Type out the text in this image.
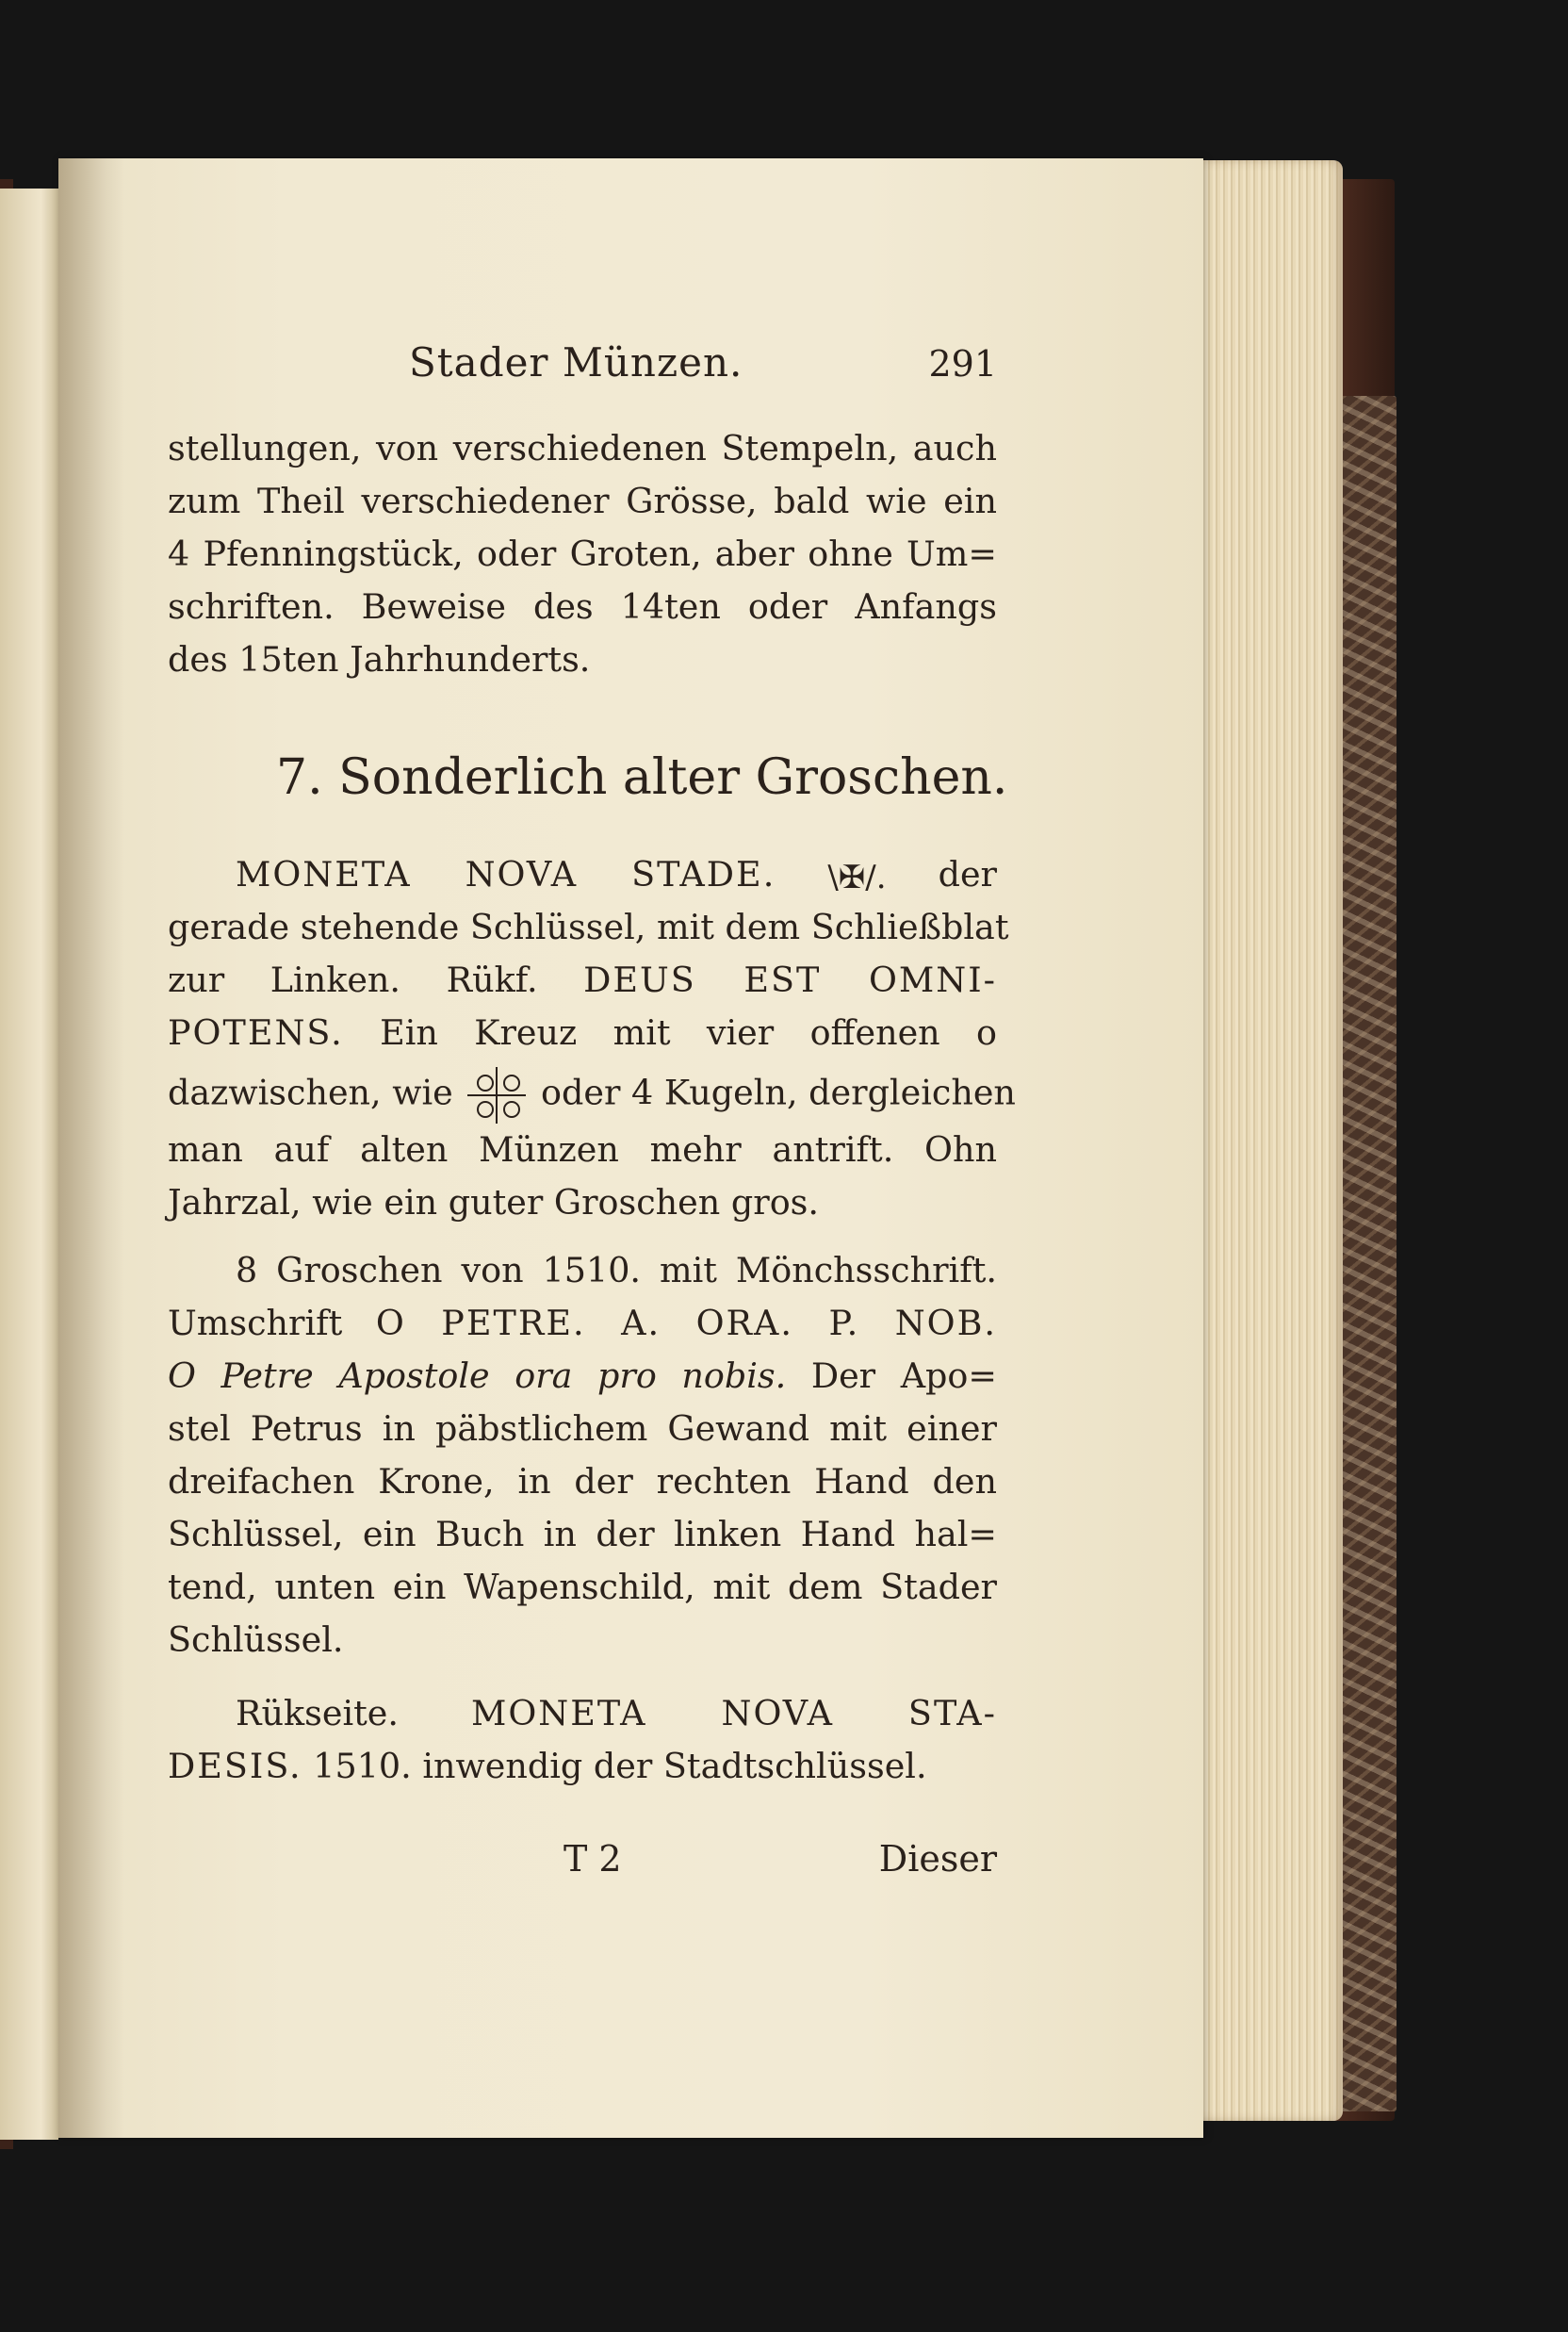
Stader Münzen.	291
stellungen, von verschiedenen Stempeln, auch
zum Theil verschiedener Grösse, bald wie ein
4 Pfenningstück, oder Groten, aber ohne Um=
schriften. Beweise des 14ten oder Anfangs
des 15ten Jahrhunderts.
7. Sonderlich alter Groschen.
MONETA NOVA STADE. \✠/. der
gerade stehende Schlüssel, mit dem Schließblat
zur Linken. Rükf. DEUS EST OMNI-
POTENS. Ein Kreuz mit vier offenen o
dazwischen, wie	oder 4 Kugeln, dergleichen
man auf alten Münzen mehr antrift. Ohn
Jahrzal, wie ein guter Groschen gros.
8 Groschen von 1510. mit Mönchsschrift.
Umschrift O PETRE. A. ORA. P. NOB.
O Petre Apostole ora pro nobis. Der Apo=
stel Petrus in päbstlichem Gewand mit einer
dreifachen Krone, in der rechten Hand den
Schlüssel, ein Buch in der linken Hand hal=
tend, unten ein Wapenschild, mit dem Stader
Schlüssel.
Rükseite. MONETA NOVA STA-
DESIS. 1510. inwendig der Stadtschlüssel.
T 2	Dieser
